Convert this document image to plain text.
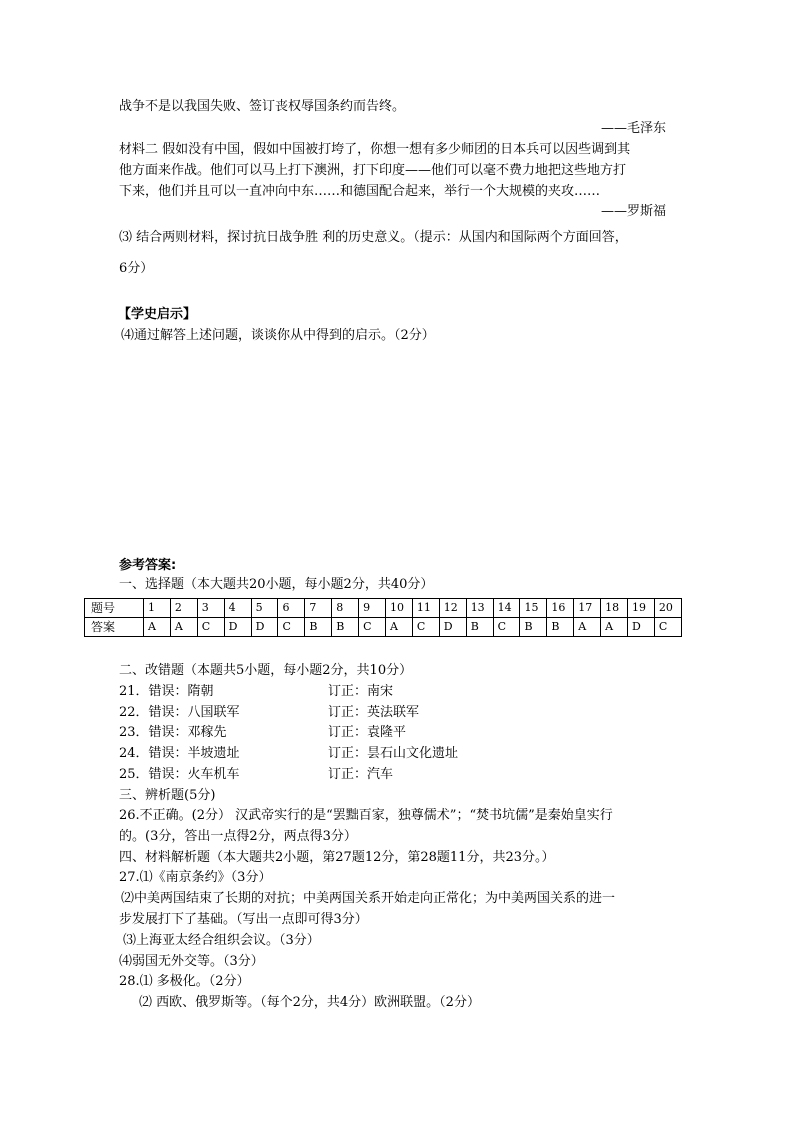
战争不是以我国失败、签订丧权辱国条约而告终。
——毛泽东
材料二 假如没有中国，假如中国被打垮了，你想一想有多少师团的日本兵可以因些调到其
他方面来作战。他们可以马上打下澳洲，打下印度——他们可以毫不费力地把这些地方打
下来，他们并且可以一直冲向中东……和德国配合起来，举行一个大规模的夹攻……
——罗斯福
⑶ 结合两则材料，探讨抗日战争胜 利的历史意义。（提示：从国内和国际两个方面回答，
6分）
【学史启示】
⑷通过解答上述问题，谈谈你从中得到的启示。（2分）
参考答案:
一、选择题（本大题共20小题，每小题2分，共40分）
题号	1	2	3	4	5	6	7	8	9	10	11	12	13	14	15	16	17	18	19	20
答案	A	A	C	D	D	C	B	B	C	A	C	D	B	C	B	B	A	A	D	C
二、改错题（本题共5小题，每小题2分，共10分）
21．错误：隋朝	订正：南宋
22．错误：八国联军	订正：英法联军
23．错误：邓稼先	订正：袁隆平
24．错误：半坡遗址	订正：昙石山文化遗址
25．错误：火车机车	订正：汽车
三、辨析题(5分)
26.不正确。(2分） 汉武帝实行的是“罢黜百家，独尊儒术”；“焚书坑儒”是秦始皇实行
的。(3分，答出一点得2分，两点得3分）
四、材料解析题（本大题共2小题，第27题12分，第28题11分，共23分。）
27.⑴《南京条约》（3分）
⑵中美两国结束了长期的对抗；中美两国关系开始走向正常化；为中美两国关系的进一
步发展打下了基础。（写出一点即可得3分）
⑶上海亚太经合组织会议。（3分）
⑷弱国无外交等。（3分）
28.⑴ 多极化。（2分）
⑵ 西欧、俄罗斯等。（每个2分，共4分）欧洲联盟。（2分）
